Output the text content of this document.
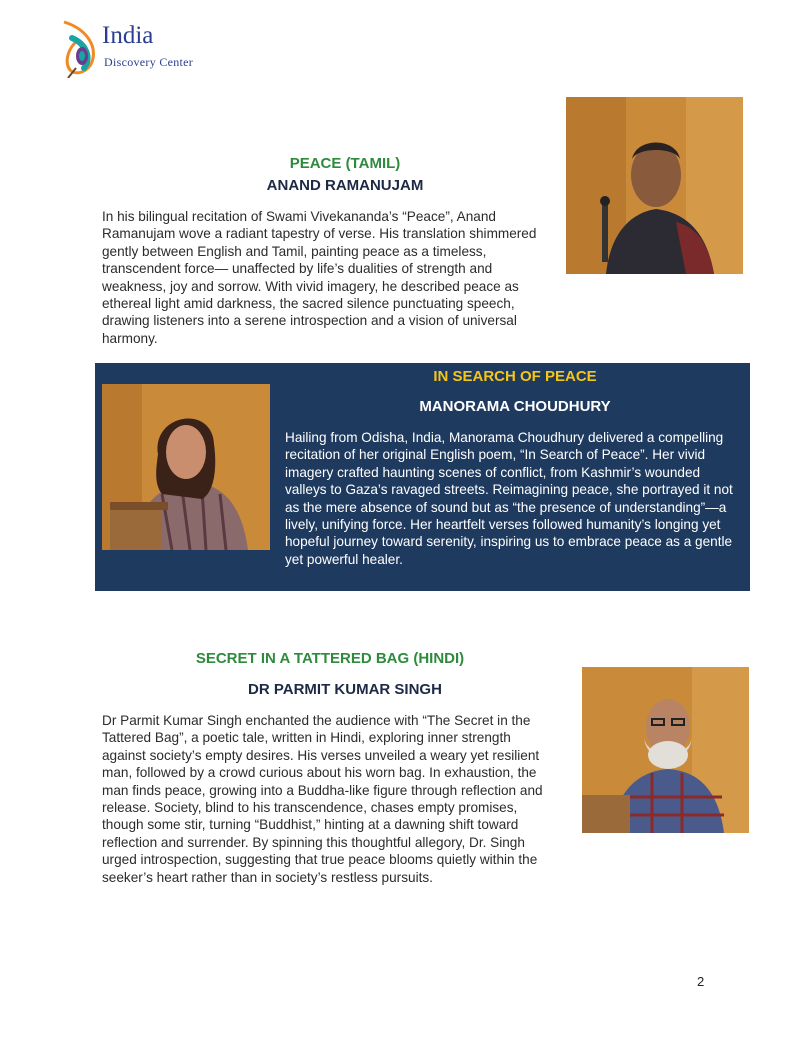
India
Discovery Center
PEACE (TAMIL)
ANAND RAMANUJAM

In his bilingual recitation of Swami Vivekananda’s “Peace”, Anand Ramanujam wove a radiant tapestry of verse. His translation shimmered gently between English and Tamil, painting peace as a timeless, transcendent force— unaffected by life’s dualities of strength and weakness, joy and sorrow. With vivid imagery, he described peace as ethereal light amid darkness, the sacred silence punctuating speech, drawing listeners into a serene introspection and a vision of universal harmony.

IN SEARCH OF PEACE
MANORAMA CHOUDHURY

Hailing from Odisha, India, Manorama Choudhury delivered a compelling recitation of her original English poem, “In Search of Peace”. Her vivid imagery crafted haunting scenes of conflict, from Kashmir’s wounded valleys to Gaza’s ravaged streets. Reimagining peace, she portrayed it not as the mere absence of sound but as “the presence of understanding”—a lively, unifying force. Her heartfelt verses followed humanity’s longing yet hopeful journey toward serenity, inspiring us to embrace peace as a gentle yet powerful healer.

SECRET IN A TATTERED BAG (HINDI)
DR PARMIT KUMAR SINGH

Dr Parmit Kumar Singh enchanted the audience with “The Secret in the Tattered Bag”, a poetic tale, written in Hindi, exploring inner strength against society’s empty desires. His verses unveiled a weary yet resilient man, followed by a crowd curious about his worn bag. In exhaustion, the man finds peace, growing into a Buddha-like figure through reflection and release. Society, blind to his transcendence, chases empty promises, though some stir, turning “Buddhist,” hinting at a dawning shift toward reflection and surrender. By spinning this thoughtful allegory, Dr. Singh urged introspection, suggesting that true peace blooms quietly within the seeker’s heart rather than in society’s restless pursuits.

2
